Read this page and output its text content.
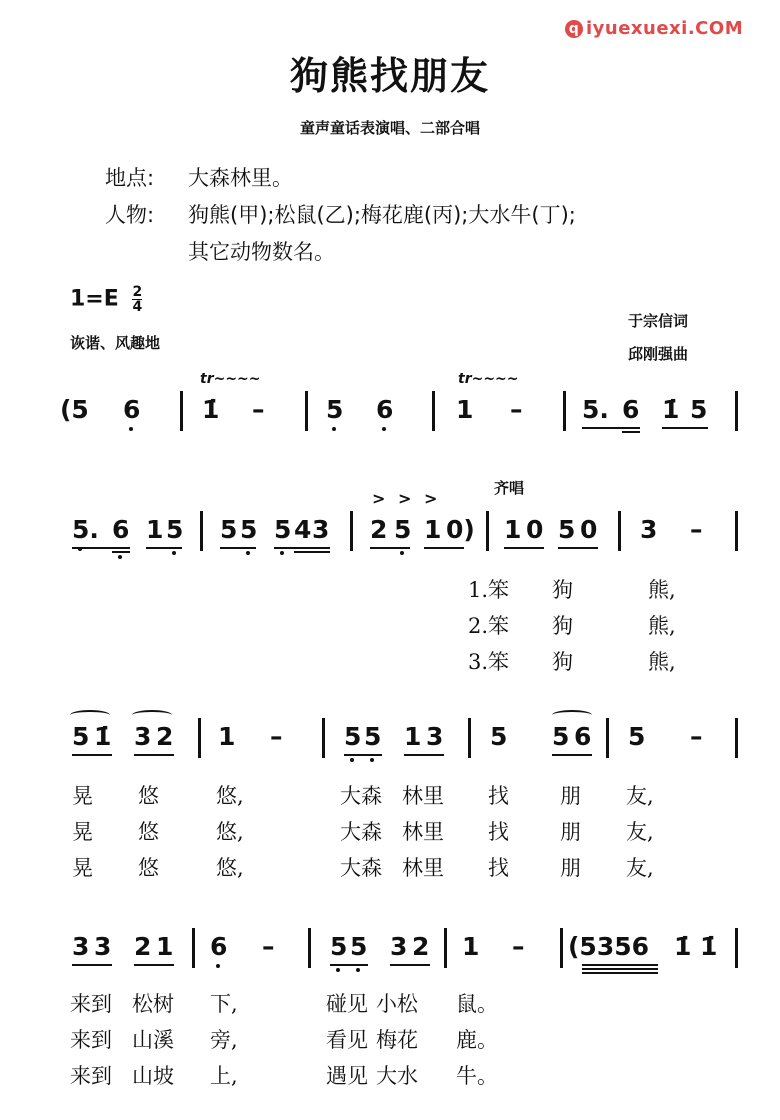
q iyuexuexi.COM
狗熊找朋友
童声童话表演唱、二部合唱
地点: 大森林里。
人物: 狗熊(甲);松鼠(乙);梅花鹿(丙);大水牛(丁);
其它动物数名。
$1=E \frac{2}{4}$
诙谐、风趣地
于宗信词
邱刚强曲
tr~~~~	tr~~~~
(5 6 1̇ – 5 6	1 – 5. 6 1̇ 5
> > >
齐唱
5. 6 1 5 5 5 5 4 3 2 5 1 0) 1 0 5 0 3 –
1.笨 狗	熊,
2.笨 狗	熊,
3.笨 狗	熊,
5 1̇ 3 2 1 – 5 5 1 3 5 5 6 5 –
晃 悠	悠,	大森 林里 找 朋 友,
晃 悠	悠,	大森 林里 找 朋 友,
晃 悠	悠,	大森 林里 找 朋 友,
3 3 2 1 6 – 5 5 3 2 1 – (5356 1̇ 1̇
来到 松树 下,	碰见 小松 鼠。
来到 山溪 旁,	看见 梅花 鹿。
来到 山坡 上,	遇见 大水 牛。
